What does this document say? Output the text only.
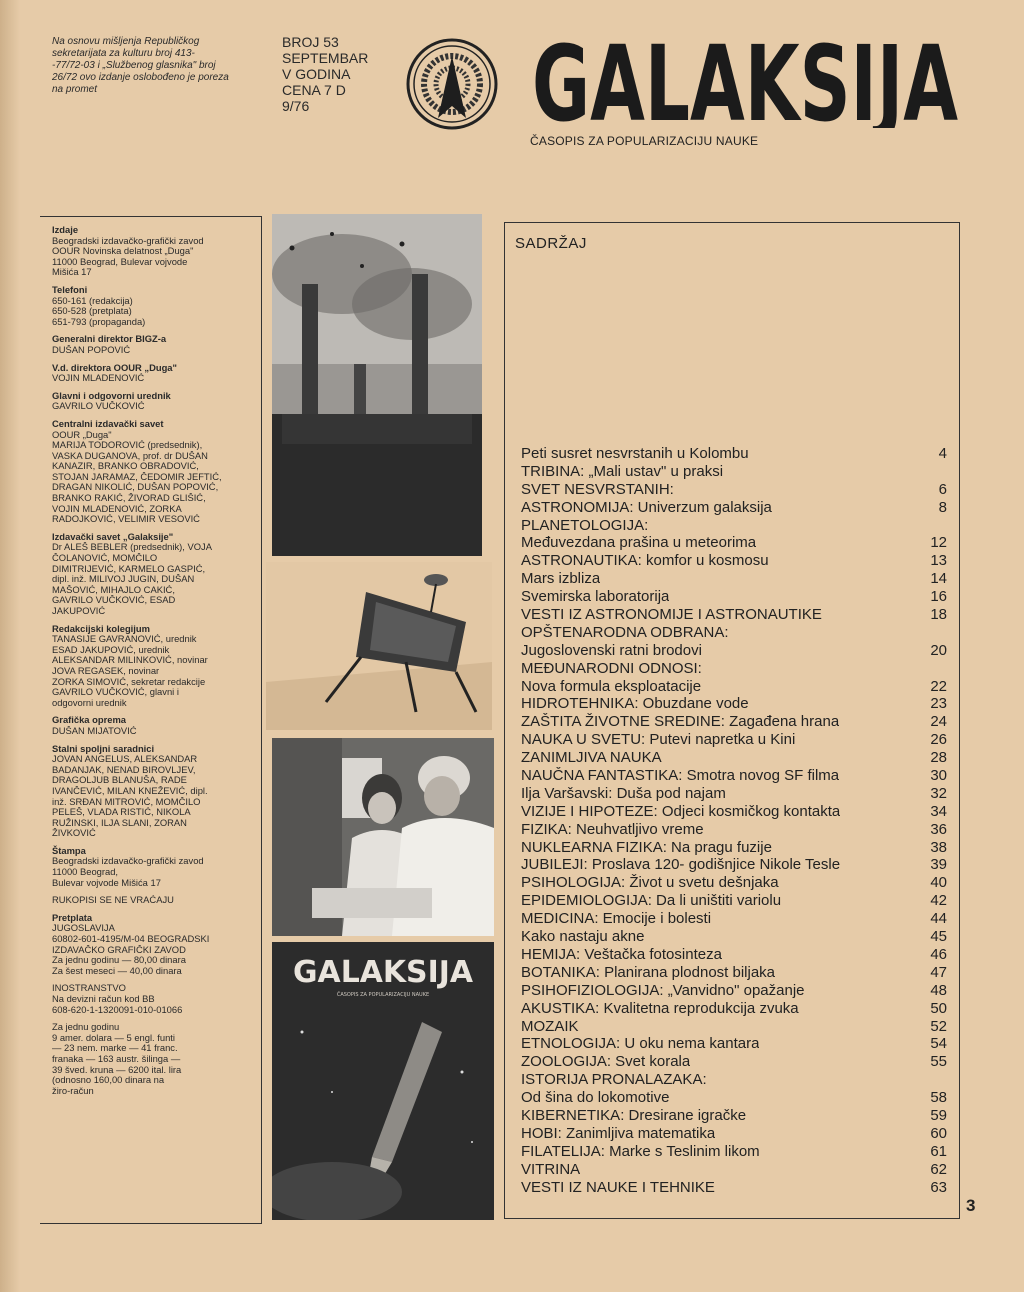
Na osnovu mišljenja Republičkog
sekretarijata za kulturu broj 413-
-77/72-03 i „Službenog glasnika" broj
26/72 ovo izdanje oslobođeno je poreza
na promet
BROJ 53
SEPTEMBAR
V GODINA
CENA 7 D
9/76	GALAKSIJA
ČASOPIS ZA POPULARIZACIJU NAUKE
Izdaje
Beogradski izdavačko-grafički zavod
OOUR Novinska delatnost „Duga"
11000 Beograd, Bulevar vojvode
Mišića 17
Telefoni
650-161 (redakcija)
650-528 (pretplata)
651-793 (propaganda)
Generalni direktor BIGZ-a
DUŠAN POPOVIĆ
V.d. direktora OOUR „Duga"
VOJIN MLADENOVIĆ
Glavni i odgovorni urednik
GAVRILO VUČKOVIĆ
Centralni izdavački savet
OOUR „Duga"
MARIJA TODOROVIĆ (predsednik),
VASKA DUGANOVA, prof. dr DUŠAN
KANAZIR, BRANKO OBRADOVIĆ,
STOJAN JARAMAZ, ČEDOMIR JEFTIĆ,
DRAGAN NIKOLIĆ, DUŠAN POPOVIĆ,
BRANKO RAKIĆ, ŽIVORAD GLIŠIĆ,
VOJIN MLADENOVIĆ, ZORKA
RADOJKOVIĆ, VELIMIR VESOVIĆ
Izdavački savet „Galaksije"
Dr ALEŠ BEBLER (predsednik), VOJA
ČOLANOVIĆ, MOMČILO
DIMITRIJEVIĆ, KARMELO GASPIĆ,
dipl. inž. MILIVOJ JUGIN, DUŠAN
MAŠOVIĆ, MIHAJLO CAKIĆ,
GAVRILO VUČKOVIĆ, ESAD
JAKUPOVIĆ
Redakcijski kolegijum
TANASIJE GAVRANOVIĆ, urednik
ESAD JAKUPOVIĆ, urednik
ALEKSANDAR MILINKOVIĆ, novinar
JOVA REGASEK, novinar
ZORKA SIMOVIĆ, sekretar redakcije
GAVRILO VUČKOVIĆ, glavni i
odgovorni urednik
Grafička oprema
DUŠAN MIJATOVIĆ
Stalni spoljni saradnici
JOVAN ANGELUS, ALEKSANDAR
BADANJAK, NENAD BIROVLJEV,
DRAGOLJUB BLANUŠA, RADE
IVANČEVIĆ, MILAN KNEŽEVIĆ, dipl.
inž. SRĐAN MITROVIĆ, MOMČILO
PELEŠ, VLADA RISTIĆ, NIKOLA
RUŽINSKI, ILJA SLANI, ZORAN
ŽIVKOVIĆ
Štampa
Beogradski izdavačko-grafički zavod
11000 Beograd,
Bulevar vojvode Mišića 17
RUKOPISI SE NE VRAĆAJU
Pretplata
JUGOSLAVIJA
60802-601-4195/M-04 BEOGRADSKI
IZDAVAČKO GRAFIČKI ZAVOD
Za jednu godinu — 80,00 dinara
Za šest meseci — 40,00 dinara
INOSTRANSTVO
Na devizni račun kod BB
608-620-1-1320091-010-01066
Za jednu godinu
9 amer. dolara — 5 engl. funti
— 23 nem. marke — 41 franc.
franaka — 163 austr. šilinga —
39 šved. kruna — 6200 ital. lira
(odnosno 160,00 dinara na
žiro-račun
GALAKSIJA
ČASOPIS ZA POPULARIZACIJU NAUKE
SADRŽAJ
Peti susret nesvrstanih u Kolombu	4
TRIBINA: „Mali ustav" u praksi
SVET NESVRSTANIH:	6
ASTRONOMIJA: Univerzum galaksija	8
PLANETOLOGIJA:
Međuvezdana prašina u meteorima	12
ASTRONAUTIKA: komfor u kosmosu	13
Mars izbliza	14
Svemirska laboratorija	16
VESTI IZ ASTRONOMIJE I ASTRONAUTIKE	18
OPŠTENARODNA ODBRANA:
Jugoslovenski ratni brodovi	20
MEĐUNARODNI ODNOSI:
Nova formula eksploatacije	22
HIDROTEHNIKA: Obuzdane vode	23
ZAŠTITA ŽIVOTNE SREDINE: Zagađena hrana	24
NAUKA U SVETU: Putevi napretka u Kini	26
ZANIMLJIVA NAUKA	28
NAUČNA FANTASTIKA: Smotra novog SF filma	30
Ilja Varšavski: Duša pod najam	32
VIZIJE I HIPOTEZE: Odjeci kosmičkog kontakta	34
FIZIKA: Neuhvatljivo vreme	36
NUKLEARNA FIZIKA: Na pragu fuzije	38
JUBILEJI: Proslava 120- godišnjice Nikole Tesle	39
PSIHOLOGIJA: Život u svetu dešnjaka	40
EPIDEMIOLOGIJA: Da li uništiti variolu	42
MEDICINA: Emocije i bolesti	44
Kako nastaju akne	45
HEMIJA: Veštačka fotosinteza	46
BOTANIKA: Planirana plodnost biljaka	47
PSIHOFIZIOLOGIJA: „Vanvidno" opažanje	48
AKUSTIKA: Kvalitetna reprodukcija zvuka	50
MOZAIK	52
ETNOLOGIJA: U oku nema kantara	54
ZOOLOGIJA: Svet korala	55
ISTORIJA PRONALAZAKA:
Od šina do lokomotive	58
KIBERNETIKA: Dresirane igračke	59
HOBI: Zanimljiva matematika	60
FILATELIJA: Marke s Teslinim likom	61
VITRINA	62
VESTI IZ NAUKE I TEHNIKE	63
3
